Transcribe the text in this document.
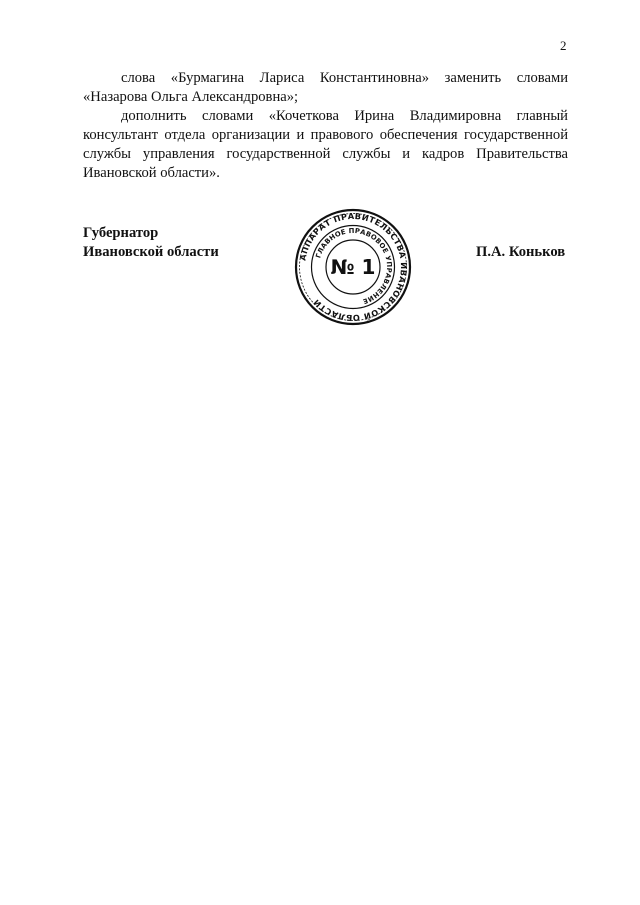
2

слова «Бурмагина Лариса Константиновна» заменить словами «Назарова Ольга Александровна»;

дополнить словами «Кочеткова Ирина Владимировна главный консультант отдела организации и правового обеспечения государственной службы управления государственной службы и кадров Правительства Ивановской области».

Губернатор
Ивановской области	П.А. Коньков
АППАРАТ ПРАВИТЕЛЬСТВА ИВАНОВСКОЙ ОБЛАСТИ
ГЛАВНОЕ ПРАВОВОЕ УПРАВЛЕНИЕ
№ 1
